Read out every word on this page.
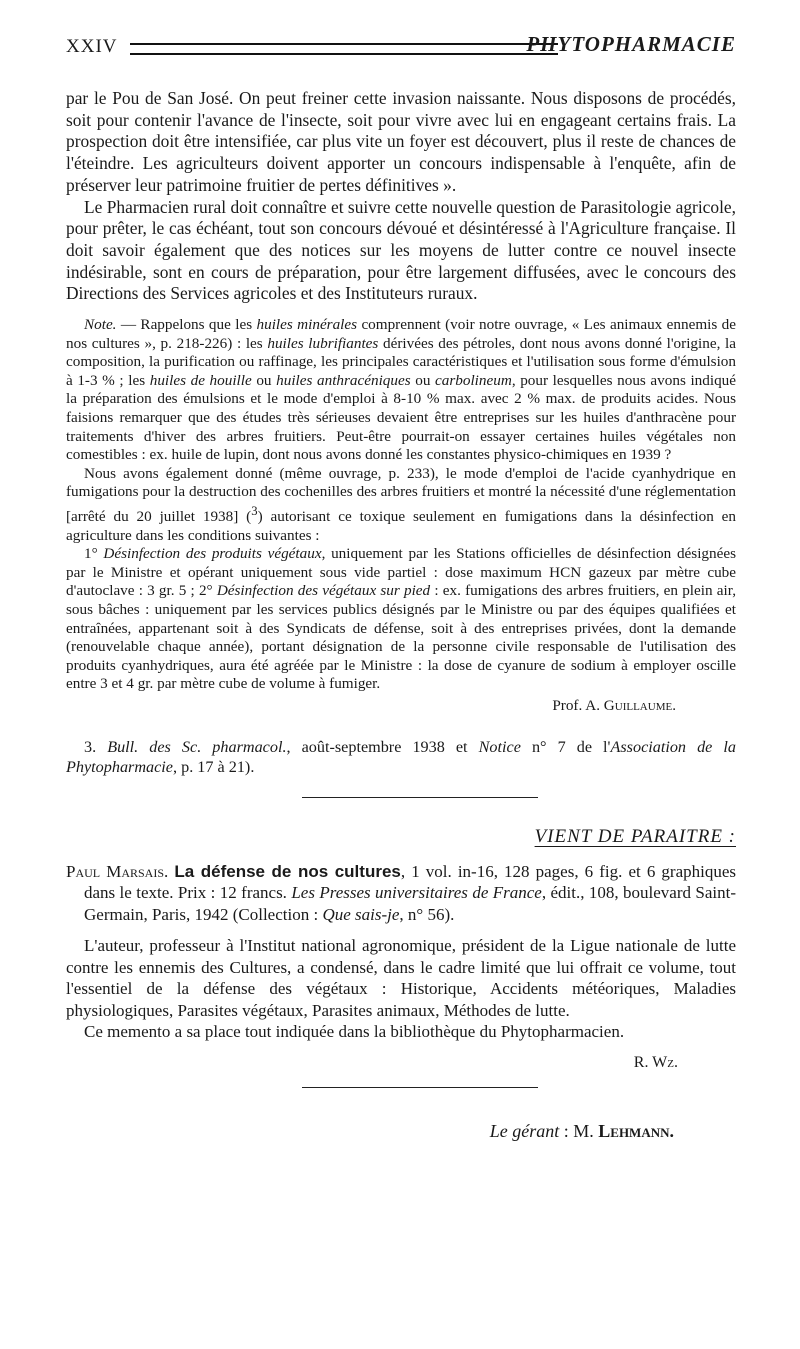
XXIV	PHYTOPHARMACIE

par le Pou de San José. On peut freiner cette invasion naissante. Nous disposons de procédés, soit pour contenir l'avance de l'insecte, soit pour vivre avec lui en engageant certains frais. La prospection doit être intensifiée, car plus vite un foyer est découvert, plus il reste de chances de l'éteindre. Les agriculteurs doivent apporter un concours indispensable à l'enquête, afin de préserver leur patrimoine fruitier de pertes définitives ».

Le Pharmacien rural doit connaître et suivre cette nouvelle question de Parasitologie agricole, pour prêter, le cas échéant, tout son concours dévoué et désintéressé à l'Agriculture française. Il doit savoir également que des notices sur les moyens de lutter contre ce nouvel insecte indésirable, sont en cours de préparation, pour être largement diffusées, avec le concours des Directions des Services agricoles et des Instituteurs ruraux.

Note. — Rappelons que les huiles minérales comprennent (voir notre ouvrage, « Les animaux ennemis de nos cultures », p. 218-226) : les huiles lubrifiantes dérivées des pétroles, dont nous avons donné l'origine, la composition, la purification ou raffinage, les principales caractéristiques et l'utilisation sous forme d'émulsion à 1-3 % ; les huiles de houille ou huiles anthracéniques ou carbolineum, pour lesquelles nous avons indiqué la préparation des émulsions et le mode d'emploi à 8-10 % max. avec 2 % max. de produits acides. Nous faisions remarquer que des études très sérieuses devaient être entreprises sur les huiles d'anthracène pour traitements d'hiver des arbres fruitiers. Peut-être pourrait-on essayer certaines huiles végétales non comestibles : ex. huile de lupin, dont nous avons donné les constantes physico-chimiques en 1939 ?

Nous avons également donné (même ouvrage, p. 233), le mode d'emploi de l'acide cyanhydrique en fumigations pour la destruction des cochenilles des arbres fruitiers et montré la nécessité d'une réglementation [arrêté du 20 juillet 1938] ($^3$) autorisant ce toxique seulement en fumigations dans la désinfection en agriculture dans les conditions suivantes :

1° Désinfection des produits végétaux, uniquement par les Stations officielles de désinfection désignées par le Ministre et opérant uniquement sous vide partiel : dose maximum HCN gazeux par mètre cube d'autoclave : 3 gr. 5 ; 2° Désinfection des végétaux sur pied : ex. fumigations des arbres fruitiers, en plein air, sous bâches : uniquement par les services publics désignés par le Ministre ou par des équipes qualifiées et entraînées, appartenant soit à des Syndicats de défense, soit à des entreprises privées, dont la demande (renouvelable chaque année), portant désignation de la personne civile responsable de l'utilisation des produits cyanhydriques, aura été agréée par le Ministre : la dose de cyanure de sodium à employer oscille entre 3 et 4 gr. par mètre cube de volume à fumiger.

Prof. A. Guillaume.

3. Bull. des Sc. pharmacol., août-septembre 1938 et Notice n° 7 de l'Association de la Phytopharmacie, p. 17 à 21).

VIENT DE PARAITRE :

Paul Marsais. La défense de nos cultures, 1 vol. in-16, 128 pages, 6 fig. et 6 graphiques dans le texte. Prix : 12 francs. Les Presses universitaires de France, édit., 108, boulevard Saint-Germain, Paris, 1942 (Collection : Que sais-je, n° 56).

L'auteur, professeur à l'Institut national agronomique, président de la Ligue nationale de lutte contre les ennemis des Cultures, a condensé, dans le cadre limité que lui offrait ce volume, tout l'essentiel de la défense des végétaux : Historique, Accidents météoriques, Maladies physiologiques, Parasites végétaux, Parasites animaux, Méthodes de lutte.

Ce memento a sa place tout indiquée dans la bibliothèque du Phytopharmacien.

R. Wz.

Le gérant : M. Lehmann.
